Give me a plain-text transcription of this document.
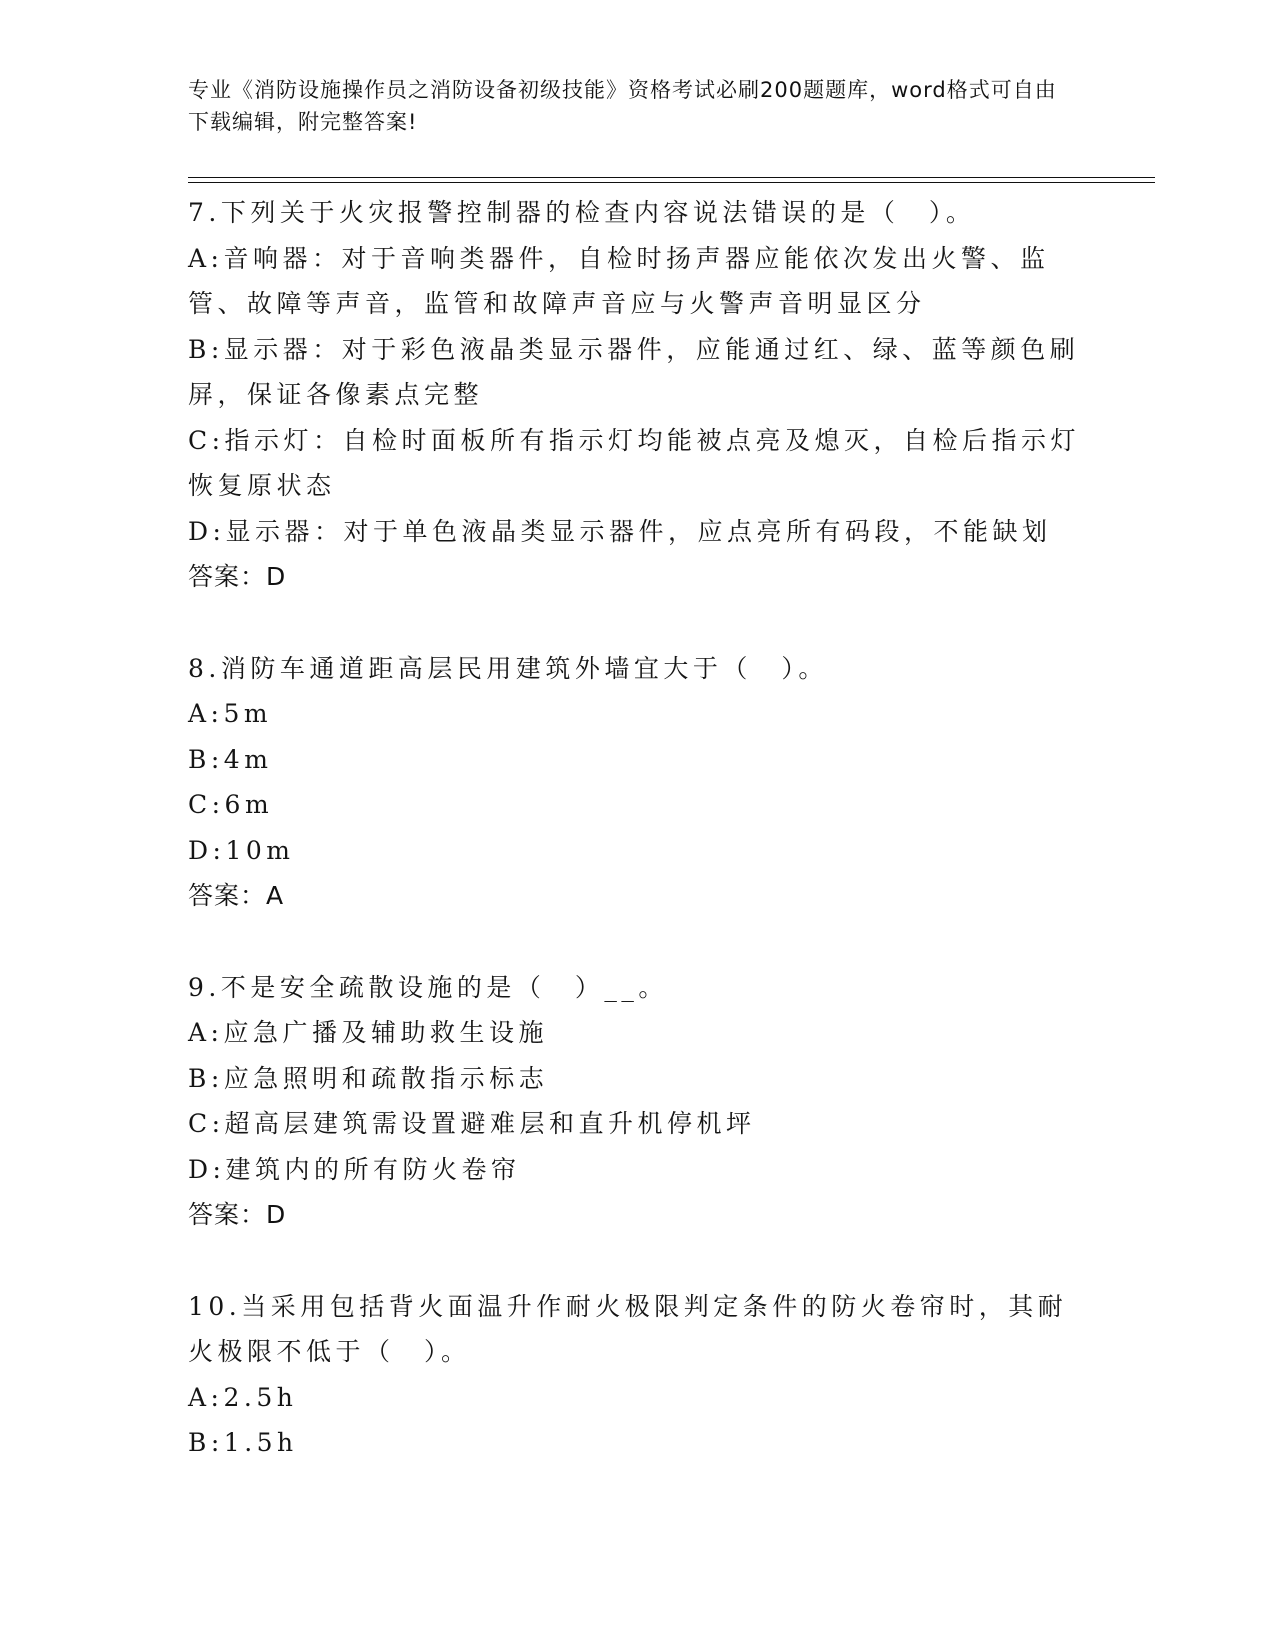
专业《消防设施操作员之消防设备初级技能》资格考试必刷200题题库，word格式可自由下载编辑，附完整答案!
7.下列关于火灾报警控制器的检查内容说法错误的是（　）。
A:音响器：对于音响类器件，自检时扬声器应能依次发出火警、监管、故障等声音，监管和故障声音应与火警声音明显区分
B:显示器：对于彩色液晶类显示器件，应能通过红、绿、蓝等颜色刷屏，保证各像素点完整
C:指示灯：自检时面板所有指示灯均能被点亮及熄灭，自检后指示灯恢复原状态
D:显示器：对于单色液晶类显示器件，应点亮所有码段，不能缺划
答案：D
8.消防车通道距高层民用建筑外墙宜大于（　）。
A:5m
B:4m
C:6m
D:10m
答案：A
9.不是安全疏散设施的是（　）__。
A:应急广播及辅助救生设施
B:应急照明和疏散指示标志
C:超高层建筑需设置避难层和直升机停机坪
D:建筑内的所有防火卷帘
答案：D
10.当采用包括背火面温升作耐火极限判定条件的防火卷帘时，其耐火极限不低于（　）。
A:2.5h
B:1.5h
